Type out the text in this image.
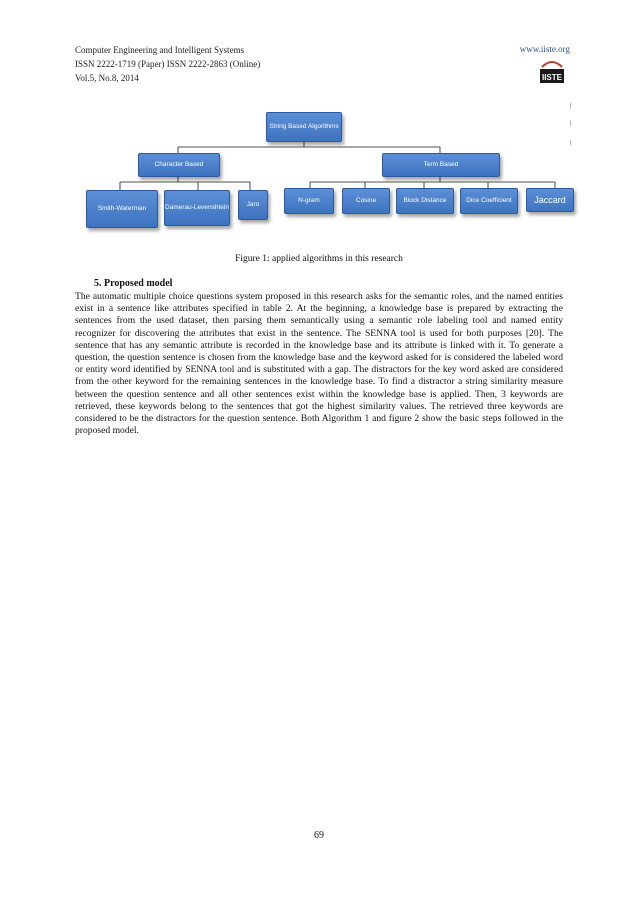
Computer Engineering and Intelligent Systems
ISSN 2222-1719 (Paper) ISSN 2222-2863 (Online)
Vol.5, No.8, 2014
www.iiste.org
IISTE
String Based Algorithms
Character Based	Term Based
Smith-Waterman	Damerau-Levenshtein	Jaro
N-gram	Cosine	Block Distance	Dice Coefficient	Jaccard
Figure 1: applied algorithms in this research
5. Proposed model
The automatic multiple choice questions system proposed in this research asks for the semantic roles, and the named entities exist in a sentence like attributes specified in table 2. At the beginning, a knowledge base is prepared by extracting the sentences from the used dataset, then parsing them semantically using a semantic role labeling tool and named entity recognizer for discovering the attributes that exist in the sentence. The SENNA tool is used for both purposes [20]. The sentence that has any semantic attribute is recorded in the knowledge base and its attribute is linked with it. To generate a question, the question sentence is chosen from the knowledge base and the keyword asked for is considered the labeled word or entity word identified by SENNA tool and is substituted with a gap. The distractors for the key word asked are considered from the other keyword for the remaining sentences in the knowledge base. To find a distractor a string similarity measure between the question sentence and all other sentences exist within the knowledge base is applied. Then, 3 keywords are retrieved, these keywords belong to the sentences that got the highest similarity values. The retrieved three keywords are considered to be the distractors for the question sentence. Both Algorithm 1 and figure 2 show the basic steps followed in the proposed model.
69
